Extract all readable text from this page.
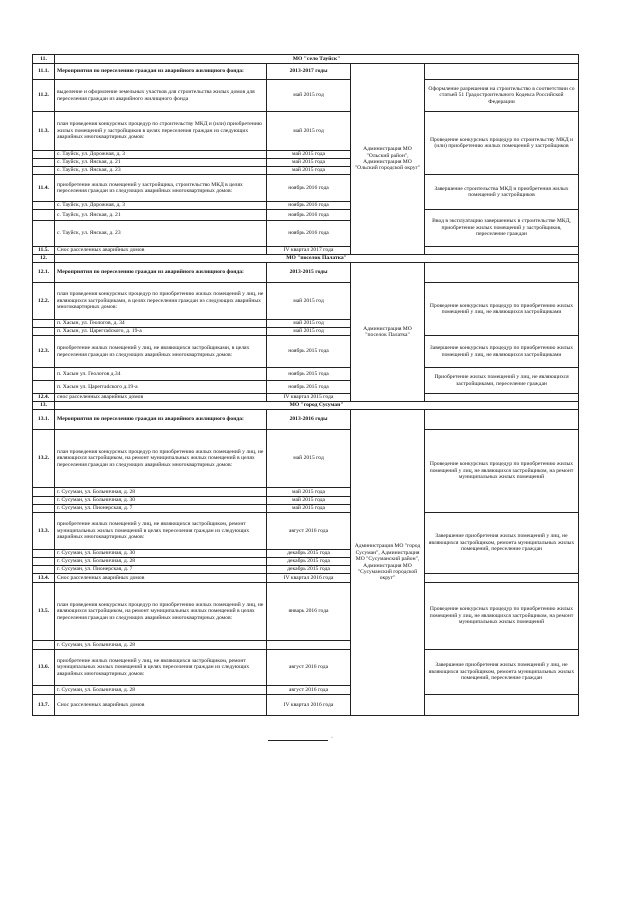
11.	МО "село Тауйск"			
11.1.	Мероприятия по переселению граждан из аварийного жилищного фонда:	2013-2017 годы	Администрация МО "Ольский район", Администрация МО "Ольский городской округ"	
11.2.	выделение и оформление земельных участков для строительства жилых домов для переселения граждан из аварийного жилищного фонда	май 2015 год		Оформление разрешения на строительство в соответствии со статьей 51 Градостроительного Кодекса Российской Федерации
11.3.	план проведения конкурсных процедур по строительству МКД и (или) приобретению жилых помещений у застройщиков в целях переселения граждан из следующих аварийных многоквартирных домов:	май 2015 год		Проведение конкурсных процедур по строительству МКД и (или) приобретению жилых помещений у застройщиков
	с. Тауйск, ул. Дорожная, д. 3	май 2015 года		
	с. Тауйск, ул. Янская, д. 21	май 2015 года		
	с. Тауйск, ул. Янская, д. 23	май 2015 года		
11.4.	приобретение жилых помещений у застройщика, строительство МКД в целях переселения граждан из следующих аварийных многоквартирных домов:	ноябрь 2016 года		Завершение строительства МКД и приобретения жилых помещений у застройщиков
	с. Тауйск, ул. Дорожная, д. 3	ноябрь 2016 года		
	с. Тауйск, ул. Янская, д. 21	ноябрь 2016 года		Ввод в эксплуатацию завершенных в строительстве МКД, приобретение жилых помещений у застройщиков, переселение граждан
	с. Тауйск, ул. Янская, д. 23	ноябрь 2016 года		
11.5.	Снос расселенных аварийных домов	IV квартал 2017 года		
12.	МО "поселок Палатка"			
12.1.	Мероприятия по переселению граждан из аварийного жилищного фонда:	2013-2015 годы	Администрация МО "поселок Палатка"	
12.2.	план проведения конкурсных процедур по приобретению жилых помещений у лиц, не являющихся застройщиками, в целях переселения граждан из следующих аварийных многоквартирных домов:	май 2015 год		Проведение конкурсных процедур по приобретению жилых помещений у лиц, не являющихся застройщиками
	п. Хасын, ул. Геологов, д. 34	май 2015 год		
	п. Хасын, ул. Царегradского, д. 19-а	май 2015 год		
12.3.	приобретение жилых помещений у лиц, не являющихся застройщиками, в целях переселения граждан из следующих аварийных многоквартирных домов:	ноябрь 2015 года		Завершение конкурсных процедур по приобретению жилых помещений у лиц, не являющихся застройщиками
	п. Хасын ул. Геологов д.34	ноябрь 2015 года		Приобретение жилых помещений у лиц, не являющихся застройщиками, переселение граждан
	п. Хасын ул. Царегradского д.19-а	ноябрь 2015 года		
12.4.	снос расселенных аварийных домов	IV квартал 2015 года		
13.	МО "город Сусуман"			
13.1.	Мероприятия по переселению граждан из аварийного жилищного фонда:	2013-2016 годы	Администрация МО "город Сусуман", Администрация МО "Сусуманский район", Администрация МО "Сусуманский городской округ"	
13.2.	план проведения конкурсных процедур по приобретению жилых помещений у лиц, не являющихся застройщиком, на ремонт муниципальных жилых помещений в целях переселения граждан из следующих аварийных многоквартирных домов:	май 2015 год		Проведение конкурсных процедур по приобретению жилых помещений у лиц, не являющихся застройщиком, на ремонт муниципальных жилых помещений
	г. Сусуман, ул. Больничная, д. 28	май 2015 года		
	г. Сусуман, ул. Больничная, д. 30	май 2015 года		
	г. Сусуман, ул. Пионерская, д. 7	май 2015 года		
13.3.	приобретение жилых помещений у лиц, не являющихся застройщиком, ремонт муниципальных жилых помещений в целях переселения граждан из следующих аварийных многоквартирных домов:	август 2016 года		Завершение приобретения жилых помещений у лиц, не являющихся застройщиком, ремонта муниципальных жилых помещений, переселение граждан
	г. Сусуман, ул. Больничная, д. 30	декабрь 2015 года		
	г. Сусуман, ул. Больничная, д. 28	декабрь 2015 года		
	г. Сусуман, ул. Пионерская, д. 7	декабрь 2015 года		
13.4.	Снос расселенных аварийных домов	IV квартал 2016 года		
13.5.	план проведения конкурсных процедур по приобретению жилых помещений у лиц, не являющихся застройщиком, на ремонт муниципальных жилых помещений в целях переселения граждан из следующих аварийных многоквартирных домов:	январь 2016 года		Проведение конкурсных процедур по приобретению жилых помещений у лиц, не являющихся застройщиком, на ремонт муниципальных жилых помещений
	г. Сусуман, ул. Больничная, д. 28			
13.6.	приобретение жилых помещений у лиц, не являющихся застройщиком, ремонт муниципальных жилых помещений в целях переселения граждан из следующих аварийных многоквартирных домов:	август 2016 года		Завершение приобретения жилых помещений у лиц, не являющихся застройщиком, ремонта муниципальных жилых помещений, переселение граждан
	г. Сусуман, ул. Больничная, д. 28	август 2016 года		
13.7.	Снос расселенных аварийных домов	IV квартал 2016 года		
·
